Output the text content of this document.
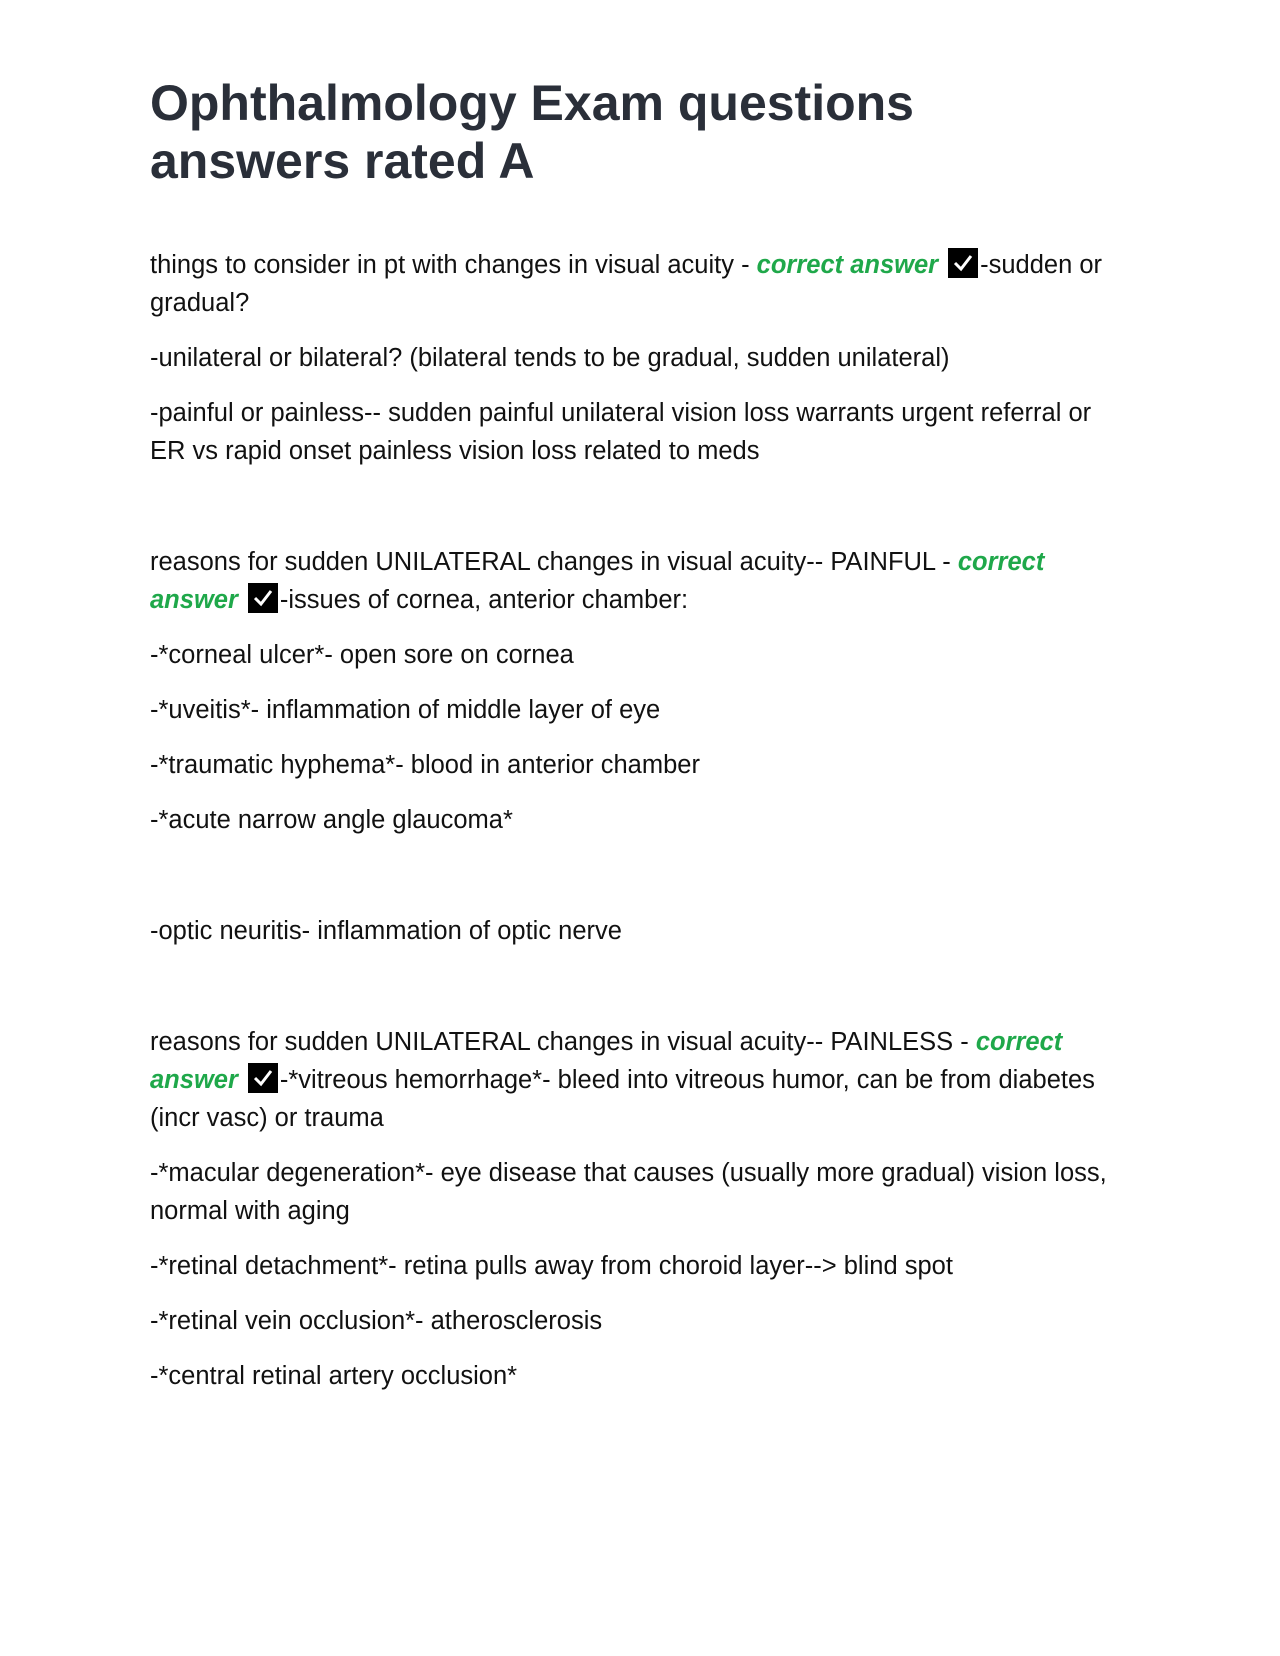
Ophthalmology Exam questions answers rated A

things to consider in pt with changes in visual acuity - correct answer -sudden or gradual?

-unilateral or bilateral? (bilateral tends to be gradual, sudden unilateral)

-painful or painless-- sudden painful unilateral vision loss warrants urgent referral or ER vs rapid onset painless vision loss related to meds

reasons for sudden UNILATERAL changes in visual acuity-- PAINFUL - correct answer -issues of cornea, anterior chamber:

-*corneal ulcer*- open sore on cornea

-*uveitis*- inflammation of middle layer of eye

-*traumatic hyphema*- blood in anterior chamber

-*acute narrow angle glaucoma*

-optic neuritis- inflammation of optic nerve

reasons for sudden UNILATERAL changes in visual acuity-- PAINLESS - correct answer -*vitreous hemorrhage*- bleed into vitreous humor, can be from diabetes (incr vasc) or trauma

-*macular degeneration*- eye disease that causes (usually more gradual) vision loss, normal with aging

-*retinal detachment*- retina pulls away from choroid layer--> blind spot

-*retinal vein occlusion*- atherosclerosis

-*central retinal artery occlusion*
